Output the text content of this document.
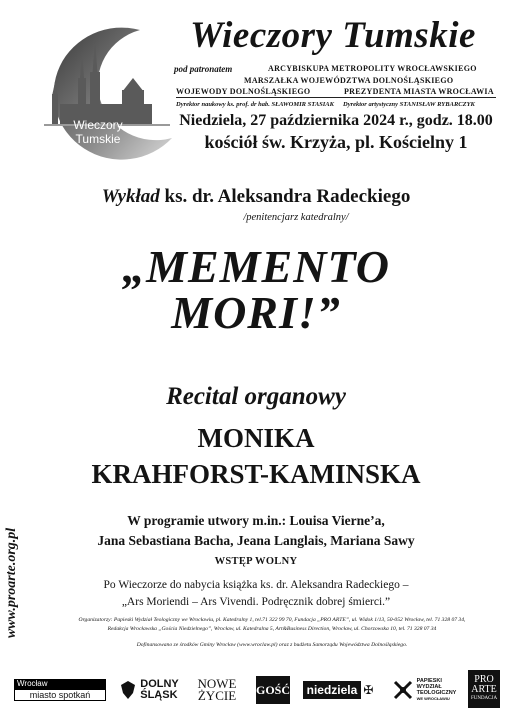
Wieczory
Tumskie
Wieczory Tumskie
pod patronatem	ARCYBISKUPA METROPOLITY WROCŁAWSKIEGO
MARSZAŁKA WOJEWÓDZTWA DOLNOŚLĄSKIEGO
WOJEWODY DOLNOŚLĄSKIEGO	PREZYDENTA MIASTA WROCŁAWIA
Dyrektor naukowy ks. prof. dr hab. SŁAWOMIR STASIAK Dyrektor artystyczny STANISŁAW RYBARCZYK
Niedziela, 27 października 2024 r., godz. 18.00
kościół św. Krzyża, pl. Kościelny 1
Wykład ks. dr. Aleksandra Radeckiego
/penitencjarz katedralny/
„MEMENTO
MORI!”
Recital organowy
MONIKA
KRAHFORST-KAMINSKA
W programie utwory m.in.: Louisa Vierne’a,
Jana Sebastiana Bacha, Jeana Langlais, Mariana Sawy
WSTĘP WOLNY
Po Wieczorze do nabycia książka ks. dr. Aleksandra Radeckiego –
„Ars Moriendi – Ars Vivendi. Podręcznik dobrej śmierci.”
Organizatorzy: Papieski Wydział Teologiczny we Wrocławiu, pl. Katedralny 1, tel.71 322 99 70, Fundacja „PRO ARTE”, ul. Widok 1/13, 50-052 Wrocław, tel. 71 328 07 34,
Redakcja Wrocławska „Gościa Niedzielnego”, Wrocław, ul. Katedralna 5, Art&Business Direction, Wrocław, ul. Chorzowska 10, tel. 71 328 07 34
Dofinansowano ze środków Gminy Wrocław (www.wroclaw.pl) oraz z budżetu Samorządu Województwa Dolnośląskiego.
www.proarte.org.pl
Wrocław
miasto spotkań
DOLNY
ŚLĄSK
NOWE
ŻYCIE GOŚĆ	niedziela ✠
PAPIESKI
WYDZIAŁ
TEOLOGICZNY
WE WROCŁAWIU
PRO
ARTE
FUNDACJA
